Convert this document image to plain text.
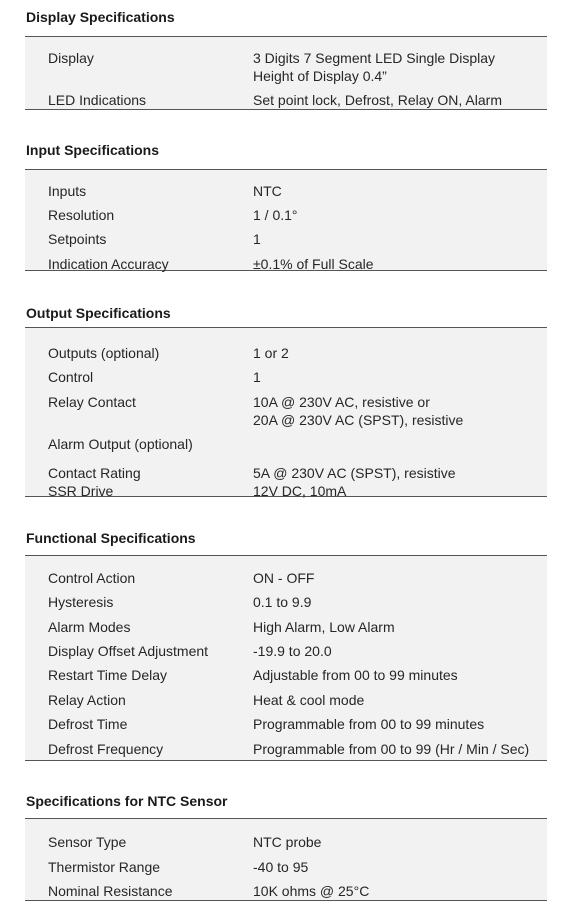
Display Specifications
Display	3 Digits 7 Segment LED Single Display
Height of Display 0.4”
LED Indications	Set point lock, Defrost, Relay ON, Alarm
Input Specifications
Inputs	NTC
Resolution	1 / 0.1°
Setpoints	1
Indication Accuracy	±0.1% of Full Scale
Output Specifications
Outputs (optional)	1 or 2
Control	1
Relay Contact	10A @ 230V AC, resistive or
20A @ 230V AC (SPST), resistive
Alarm Output (optional)
Contact Rating	5A @ 230V AC (SPST), resistive
SSR Drive	12V DC, 10mA
Functional Specifications
Control Action	ON - OFF
Hysteresis	0.1 to 9.9
Alarm Modes	High Alarm, Low Alarm
Display Offset Adjustment	-19.9 to 20.0
Restart Time Delay	Adjustable from 00 to 99 minutes
Relay Action	Heat & cool mode
Defrost Time	Programmable from 00 to 99 minutes
Defrost Frequency	Programmable from 00 to 99 (Hr / Min / Sec)
Specifications for NTC Sensor
Sensor Type	NTC probe
Thermistor Range	-40 to 95
Nominal Resistance	10K ohms @ 25°C
